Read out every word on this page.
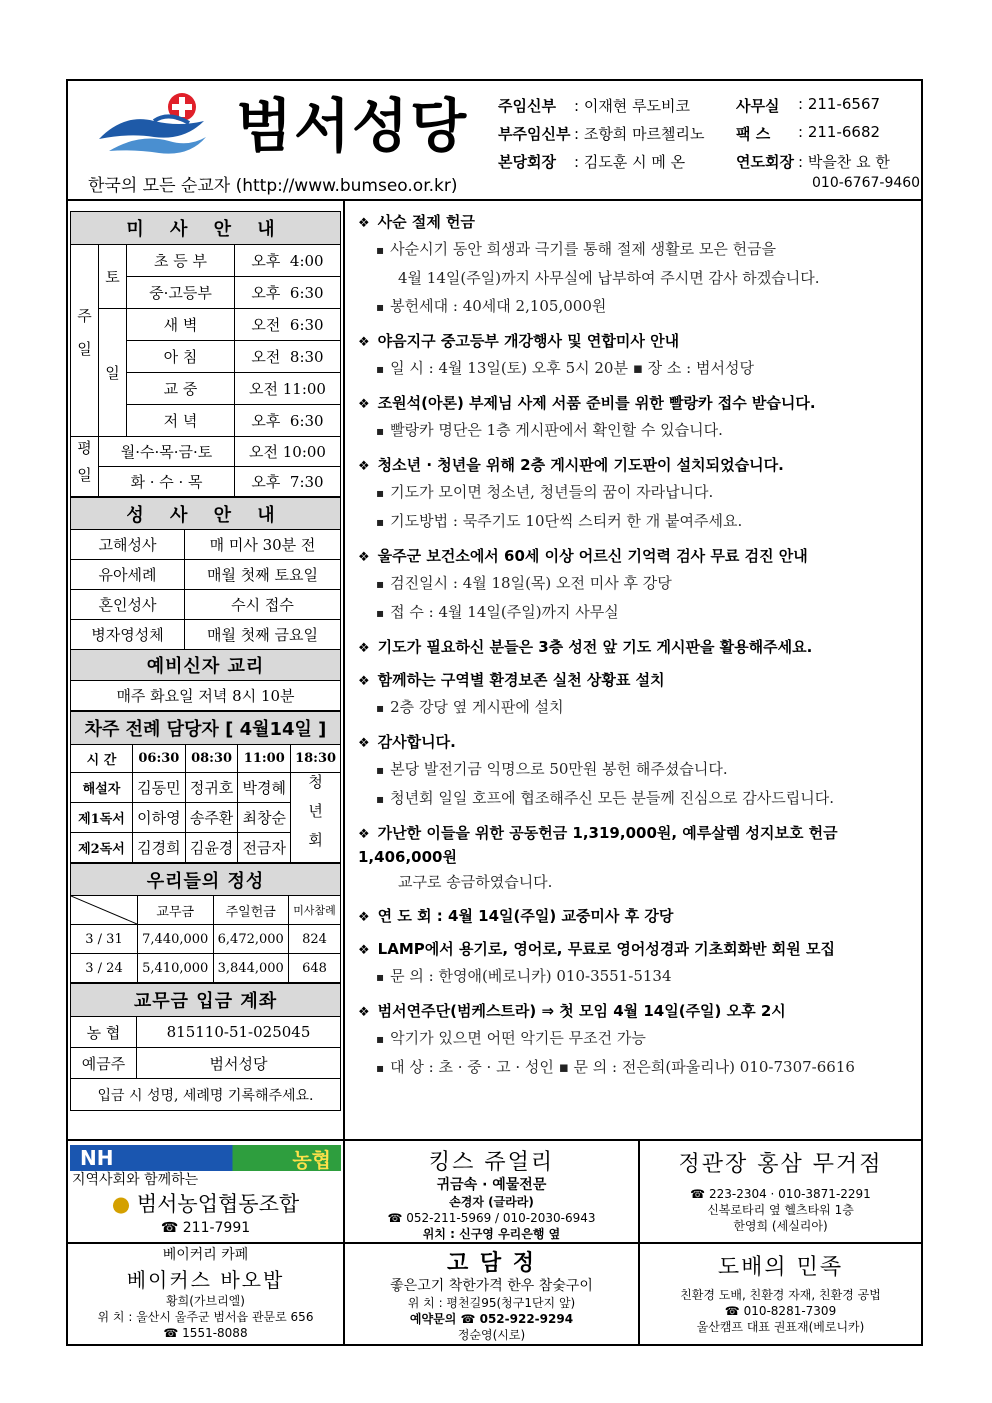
범서성당
한국의 모든 순교자 (http://www.bumseo.or.kr)
주임신부 : 이재현 루도비코
부주임신부 : 조항희 마르첼리노
본당회장 : 김도훈 시 메 온
사무실 : 211-6567
팩 스 : 211-6682
연도회장 : 박을찬 요 한
010-6767-9460
미 사 안 내			
주일	토	초 등 부	오후  4:00
		중·고등부	오후  6:30
	일	새 벽	오전  6:30
		아 침	오전  8:30
		교 중	오전 11:00
		저 녁	오후  6:30
평일	월·수·목·금·토		오전 10:00
	화 · 수 · 목		오후  7:30
성 사 안 내	
고해성사	매 미사 30분 전
유아세례	매월 첫째 토요일
혼인성사	수시 접수
병자영성체	매월 첫째 금요일
예비신자 교리	
매주 화요일 저녁 8시 10분	
차주 전례 담당자 [ 4월14일 ]				
시 간	06:30	08:30	11:00	18:30
해설자	김동민	정귀호	박경혜	청년회
제1독서	이하영	송주환	최창순	
제2독서	김경희	김윤경	전금자	
우리들의 정성			

	교무금	주일헌금	미사참례
3 / 31	7,440,000	6,472,000	824
3 / 24	5,410,000	3,844,000	648
교무금 입금 계좌	
농 협	815110-51-025045
예금주	범서성당
입금 시 성명, 세례명 기록해주세요.	
❖ 사순 절제 헌금
▪ 사순시기 동안 희생과 극기를 통해 절제 생활로 모은 헌금을
4월 14일(주일)까지 사무실에 납부하여 주시면 감사 하겠습니다.
▪ 봉헌세대 : 40세대 2,105,000원
❖ 야음지구 중고등부 개강행사 및 연합미사 안내
▪ 일 시 : 4월 13일(토) 오후 5시 20분 ▪ 장 소 : 범서성당
❖ 조원석(아론) 부제님 사제 서품 준비를 위한 빨랑카 접수 받습니다.
▪ 빨랑카 명단은 1층 게시판에서 확인할 수 있습니다.
❖ 청소년 · 청년을 위해 2층 게시판에 기도판이 설치되었습니다.
▪ 기도가 모이면 청소년, 청년들의 꿈이 자라납니다.
▪ 기도방법 : 묵주기도 10단씩 스티커 한 개 붙여주세요.
❖ 울주군 보건소에서 60세 이상 어르신 기억력 검사 무료 검진 안내
▪ 검진일시 : 4월 18일(목) 오전 미사 후 강당
▪ 접 수 : 4월 14일(주일)까지 사무실
❖ 기도가 필요하신 분들은 3층 성전 앞 기도 게시판을 활용해주세요.
❖ 함께하는 구역별 환경보존 실천 상황표 설치
▪ 2층 강당 옆 게시판에 설치
❖ 감사합니다.
▪ 본당 발전기금 익명으로 50만원 봉헌 해주셨습니다.
▪ 청년회 일일 호프에 협조해주신 모든 분들께 진심으로 감사드립니다.
❖ 가난한 이들을 위한 공동헌금 1,319,000원, 예루살렘 성지보호 헌금 1,406,000원
교구로 송금하였습니다.
❖ 연 도 회 : 4월 14일(주일) 교중미사 후 강당
❖ LAMP에서 용기로, 영어로, 무료로 영어성경과 기초회화반 회원 모집
▪ 문 의 : 한영애(베로니카) 010-3551-5134
❖ 범서연주단(범케스트라) ⇒ 첫 모임 4월 14일(주일) 오후 2시
▪ 악기가 있으면 어떤 악기든 무조건 가능
▪ 대 상 : 초 · 중 · 고 · 성인 ▪ 문 의 : 전은희(파울리나) 010-7307-6616
NH	농협
지역사회와 함께하는
● 범서농업협동조합
☎ 211-7991
킹스 쥬얼리
귀금속 · 예물전문
손경자 (글라라)
☎ 052-211-5969 / 010-2030-6943
위치 : 신구영 우리은행 옆
정관장 홍삼 무거점
☎ 223-2304 · 010-3871-2291
신복로타리 옆 헬츠타워 1층
한영희 (세실리아)
베이커리 카페
베이커스 바오밥
황희(가브리엘)
위 치 : 울산시 울주군 범서읍 관문로 656
☎ 1551-8088
고 담 정
좋은고기 착한가격 한우 참숯구이
위 치 : 평천길95(청구1단지 앞)
예약문의 ☎ 052-922-9294
정순영(시로)
도배의 민족
친환경 도배, 친환경 자재, 친환경 공법
☎ 010-8281-7309
울산캠프 대표 권표재(베로니카)
